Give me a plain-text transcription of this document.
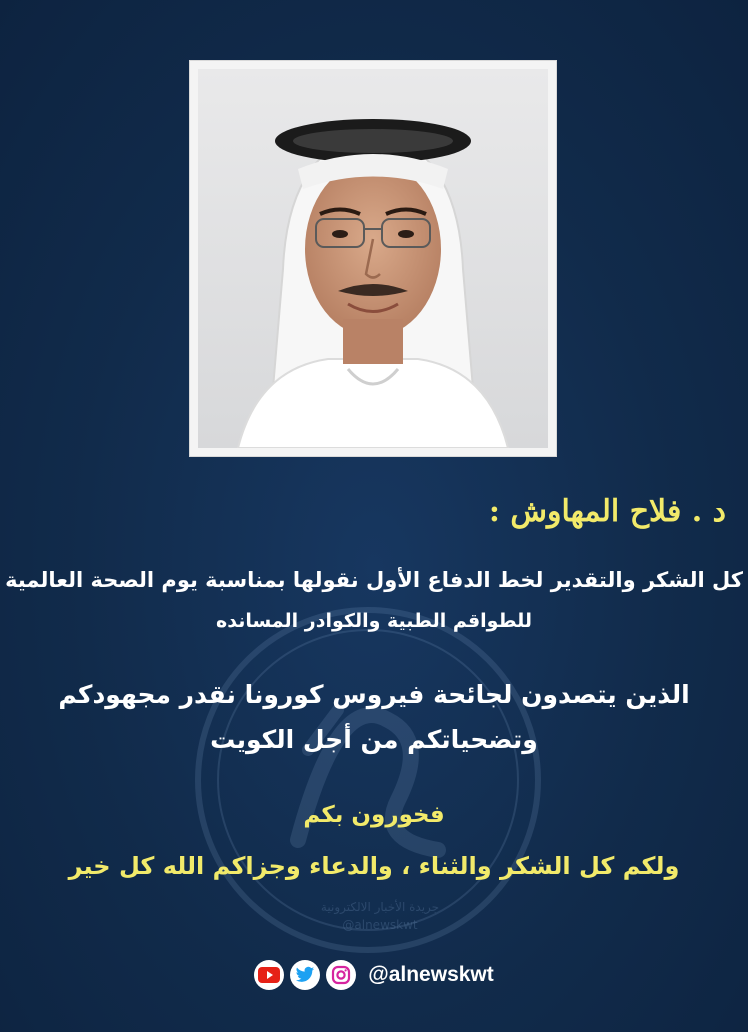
جريدة الأخبار الالكترونية
@alnewskwt
د . فلاح المهاوش :
كل الشكر والتقدير لخط الدفاع الأول نقولها بمناسبة يوم الصحة العالمية
للطواقم الطبية والكوادر المسانده
الذين يتصدون لجائحة فيروس كورونا نقدر مجهودكم
وتضحياتكم من أجل الكويت
فخورون بكم
ولكم كل الشكر والثناء ، والدعاء وجزاكم الله كل خير
@alnewskwt
